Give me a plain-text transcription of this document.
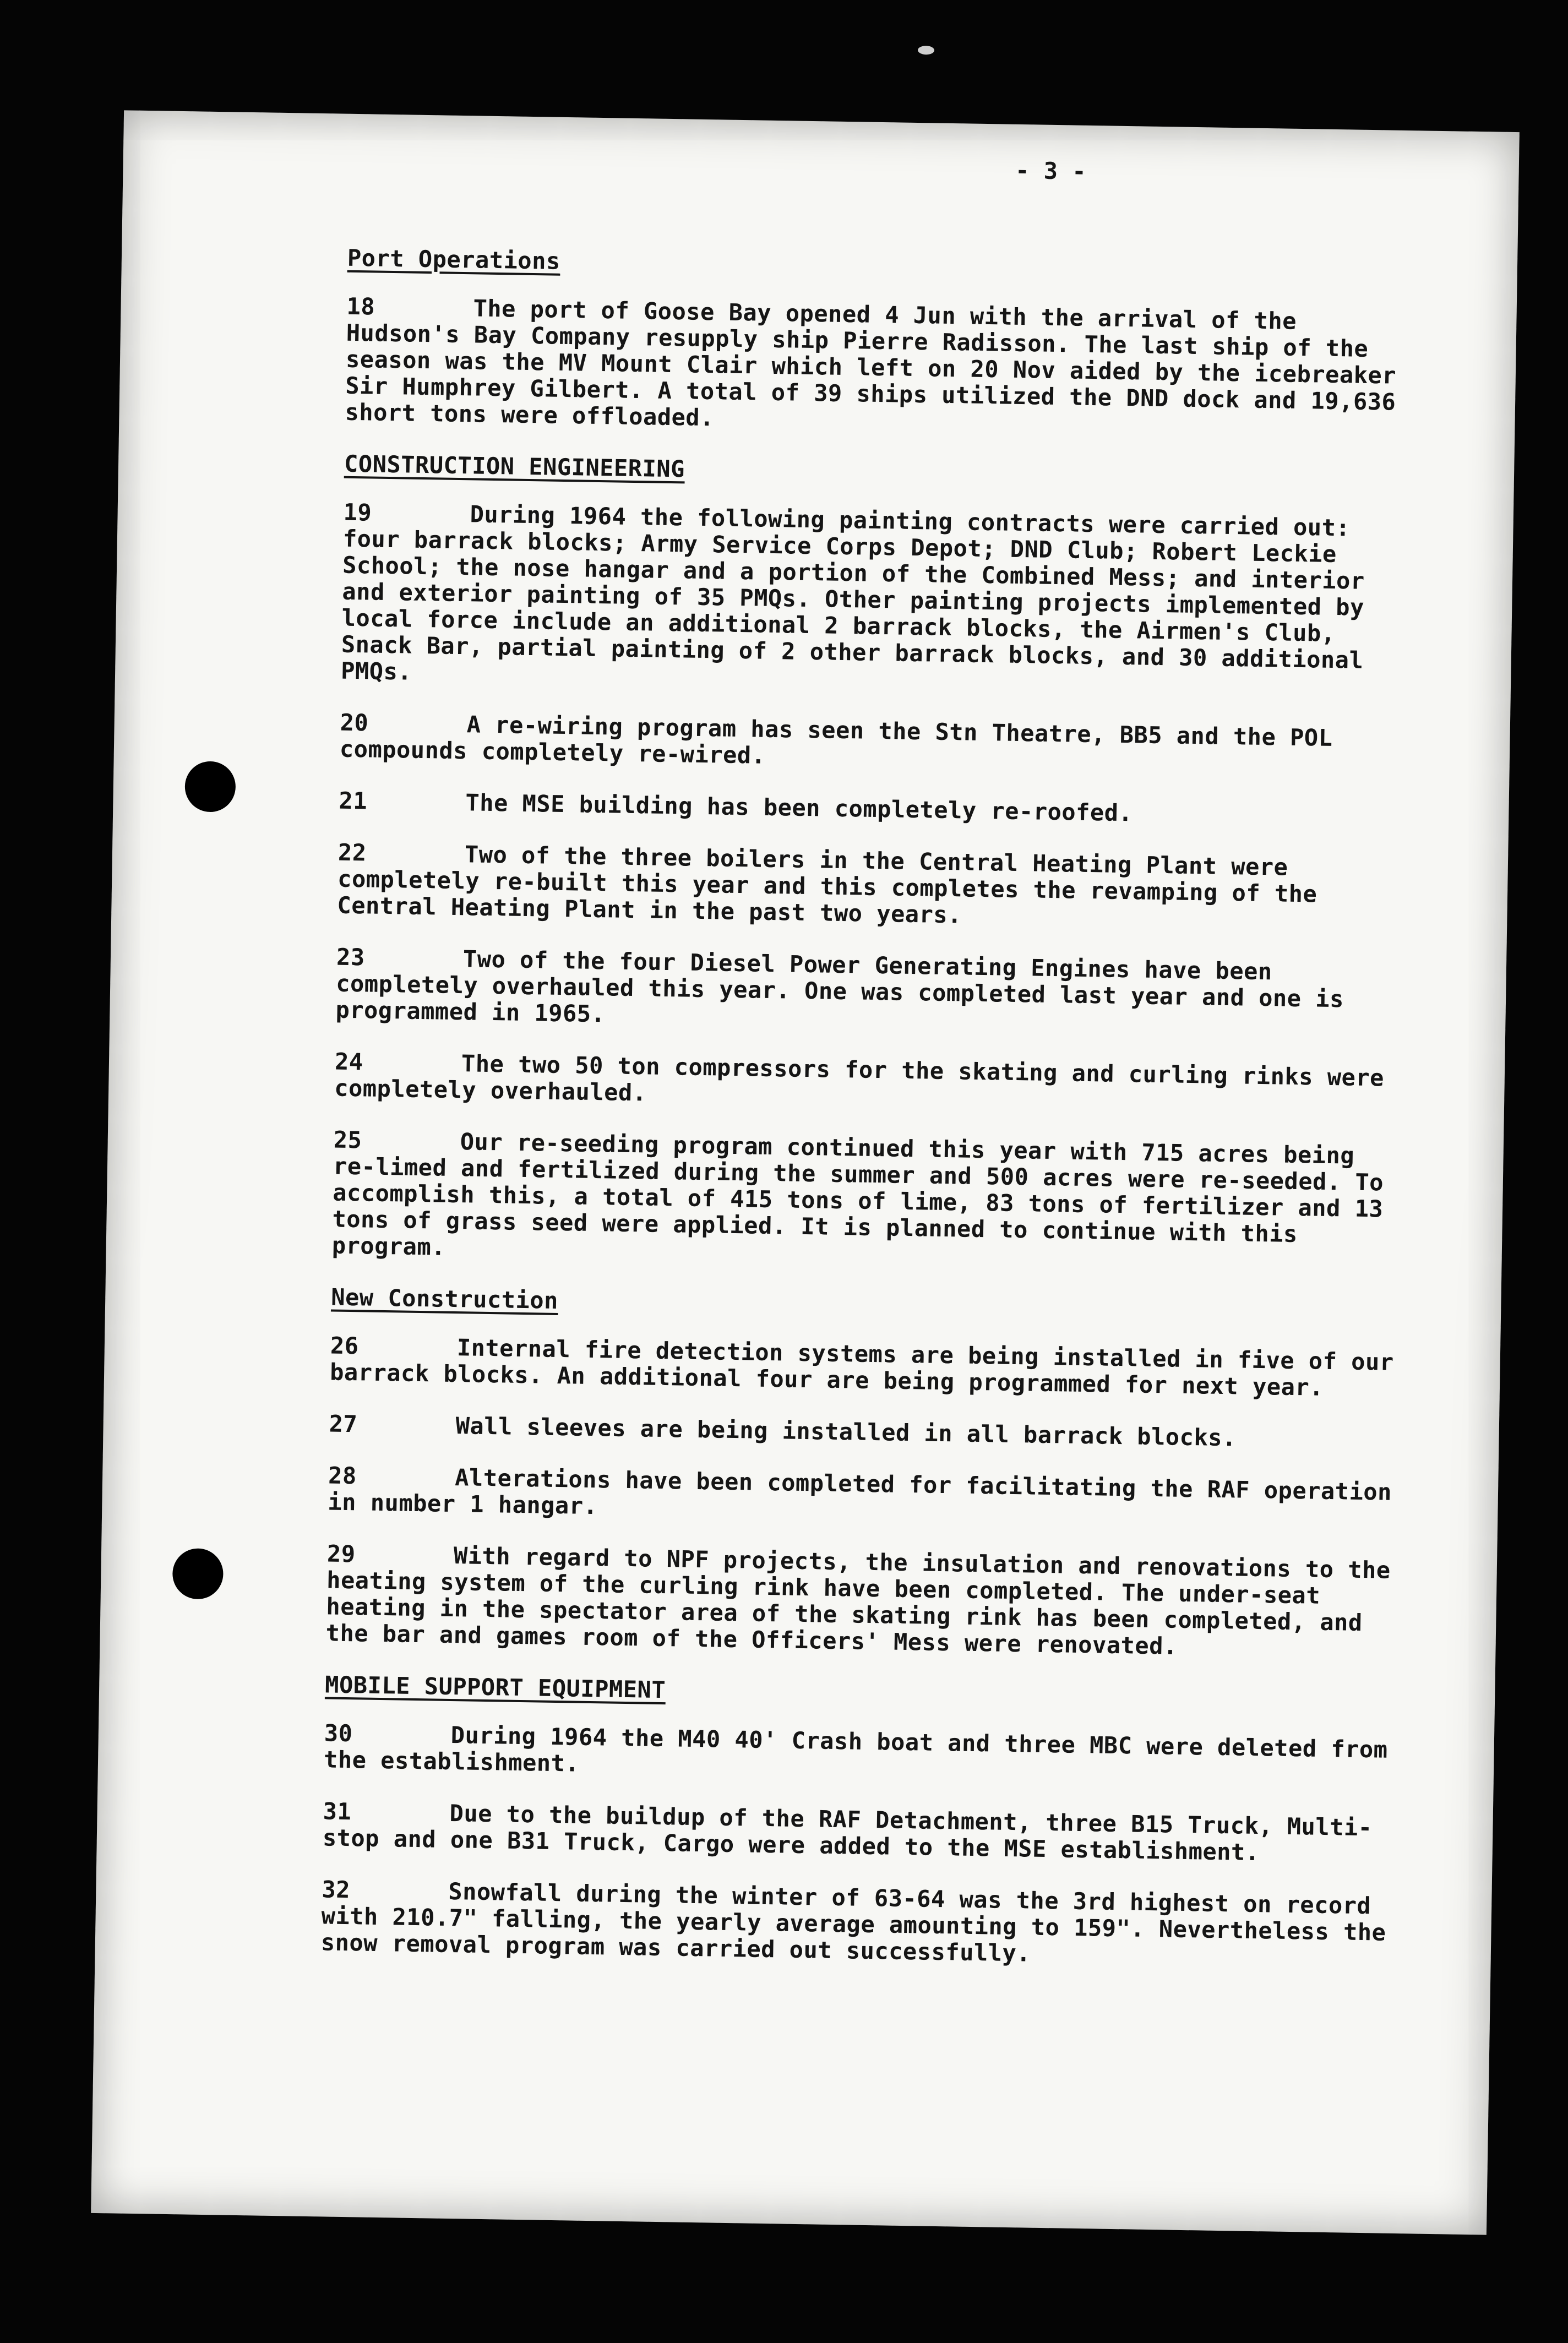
- 3 -
Port Operations
18	The port of Goose Bay opened 4 Jun with the arrival of the Hudson's Bay Company resupply ship Pierre Radisson. The last ship of the season was the MV Mount Clair which left on 20 Nov aided by the icebreaker Sir Humphrey Gilbert. A total of 39 ships utilized the DND dock and 19,636 short tons were offloaded.
CONSTRUCTION ENGINEERING
19	During 1964 the following painting contracts were carried out: four barrack blocks; Army Service Corps Depot; DND Club; Robert Leckie School; the nose hangar and a portion of the Combined Mess; and interior and exterior painting of 35 PMQs. Other painting projects implemented by local force include an additional 2 barrack blocks, the Airmen's Club, Snack Bar, partial painting of 2 other barrack blocks, and 30 additional PMQs.
20	A re-wiring program has seen the Stn Theatre, BB5 and the POL compounds completely re-wired.
21	The MSE building has been completely re-roofed.
22	Two of the three boilers in the Central Heating Plant were completely re-built this year and this completes the revamping of the Central Heating Plant in the past two years.
23	Two of the four Diesel Power Generating Engines have been completely overhauled this year. One was completed last year and one is programmed in 1965.
24	The two 50 ton compressors for the skating and curling rinks were completely overhauled.
25	Our re-seeding program continued this year with 715 acres being re-limed and fertilized during the summer and 500 acres were re-seeded. To accomplish this, a total of 415 tons of lime, 83 tons of fertilizer and 13 tons of grass seed were applied. It is planned to continue with this program.
New Construction
26	Internal fire detection systems are being installed in five of our barrack blocks. An additional four are being programmed for next year.
27	Wall sleeves are being installed in all barrack blocks.
28	Alterations have been completed for facilitating the RAF operation in number 1 hangar.
29	With regard to NPF projects, the insulation and renovations to the heating system of the curling rink have been completed. The under-seat heating in the spectator area of the skating rink has been completed, and the bar and games room of the Officers' Mess were renovated.
MOBILE SUPPORT EQUIPMENT
30	During 1964 the M40 40' Crash boat and three MBC were deleted from the establishment.
31	Due to the buildup of the RAF Detachment, three B15 Truck, Multi-stop and one B31 Truck, Cargo were added to the MSE establishment.
32	Snowfall during the winter of 63-64 was the 3rd highest on record with 210.7" falling, the yearly average amounting to 159". Nevertheless the snow removal program was carried out successfully.
